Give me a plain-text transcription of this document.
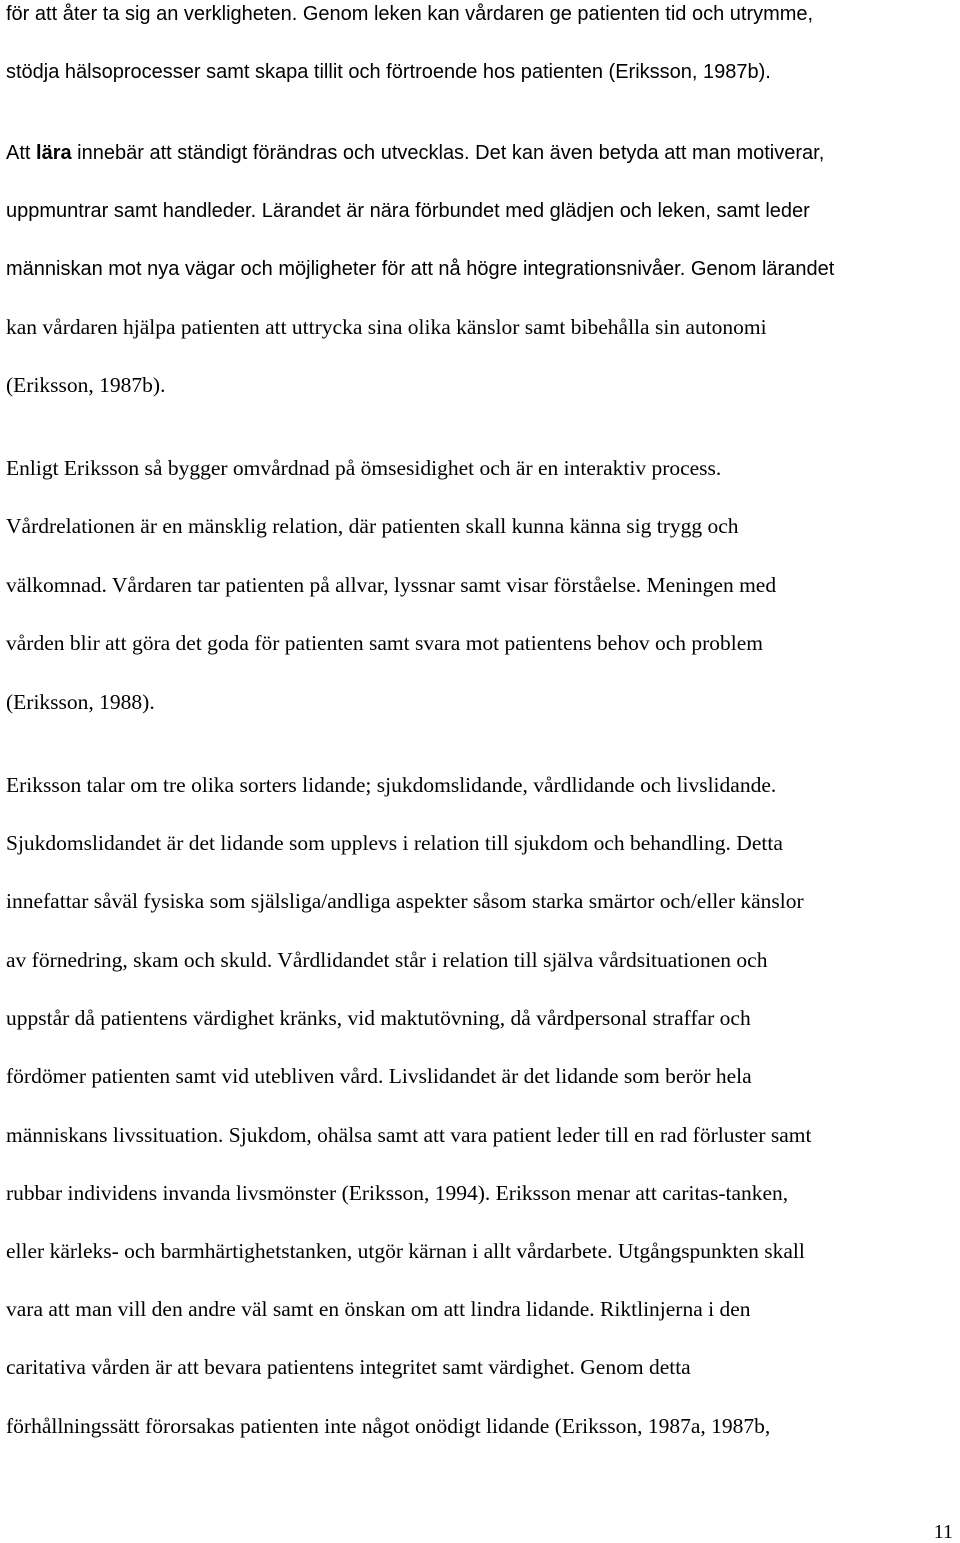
för att åter ta sig an verkligheten. Genom leken kan vårdaren ge patienten tid och utrymme,
stödja hälsoprocesser samt skapa tillit och förtroende hos patienten (Eriksson, 1987b).
Att lära innebär att ständigt förändras och utvecklas. Det kan även betyda att man motiverar,
uppmuntrar samt handleder. Lärandet är nära förbundet med glädjen och leken, samt leder
människan mot nya vägar och möjligheter för att nå högre integrationsnivåer. Genom lärandet
kan vårdaren hjälpa patienten att uttrycka sina olika känslor samt bibehålla sin autonomi
(Eriksson, 1987b).
Enligt Eriksson så bygger omvårdnad på ömsesidighet och är en interaktiv process.
Vårdrelationen är en mänsklig relation, där patienten skall kunna känna sig trygg och
välkomnad. Vårdaren tar patienten på allvar, lyssnar samt visar förståelse. Meningen med
vården blir att göra det goda för patienten samt svara mot patientens behov och problem
(Eriksson, 1988).
Eriksson talar om tre olika sorters lidande; sjukdomslidande, vårdlidande och livslidande.
Sjukdomslidandet är det lidande som upplevs i relation till sjukdom och behandling. Detta
innefattar såväl fysiska som själsliga/andliga aspekter såsom starka smärtor och/eller känslor
av förnedring, skam och skuld. Vårdlidandet står i relation till själva vårdsituationen och
uppstår då patientens värdighet kränks, vid maktutövning, då vårdpersonal straffar och
fördömer patienten samt vid utebliven vård. Livslidandet är det lidande som berör hela
människans livssituation. Sjukdom, ohälsa samt att vara patient leder till en rad förluster samt
rubbar individens invanda livsmönster (Eriksson, 1994). Eriksson menar att caritas-tanken,
eller kärleks- och barmhärtighetstanken, utgör kärnan i allt vårdarbete. Utgångspunkten skall
vara att man vill den andre väl samt en önskan om att lindra lidande. Riktlinjerna i den
caritativa vården är att bevara patientens integritet samt värdighet. Genom detta
förhållningssätt förorsakas patienten inte något onödigt lidande (Eriksson, 1987a, 1987b,
11
